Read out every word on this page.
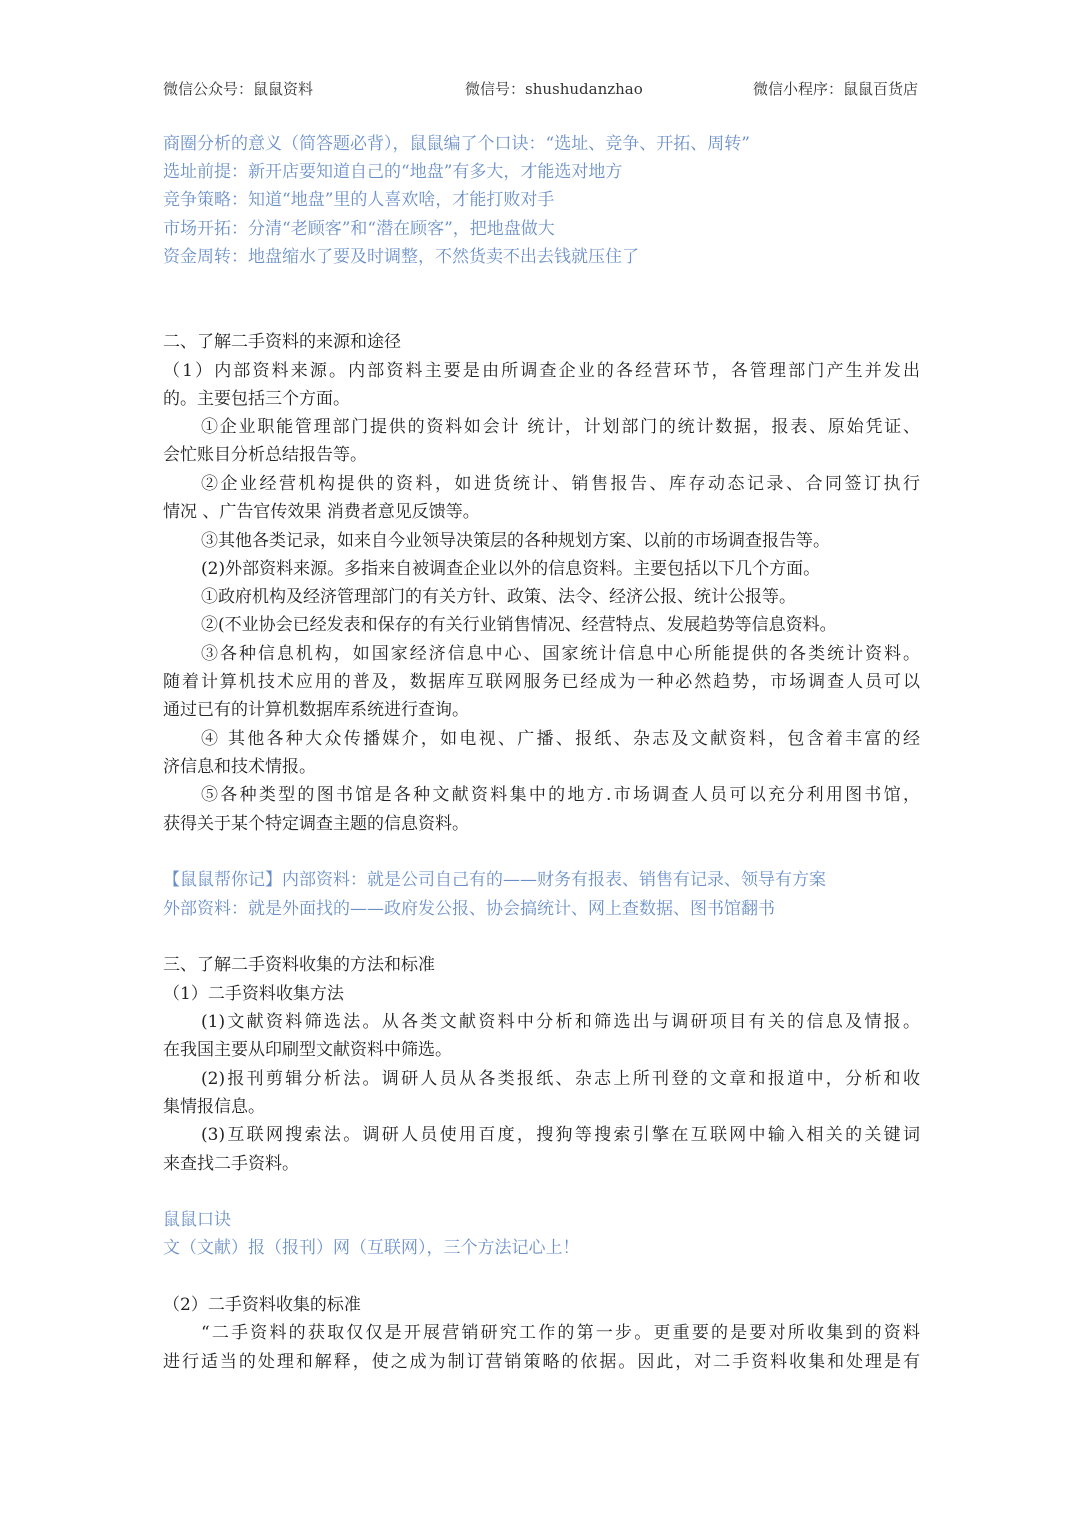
微信公众号：鼠鼠资料	微信号：shushudanzhao	微信小程序：鼠鼠百货店
商圈分析的意义（简答题必背），鼠鼠编了个口诀：“选址、竞争、开拓、周转”
选址前提：新开店要知道自己的“地盘”有多大，才能选对地方
竞争策略：知道“地盘”里的人喜欢啥，才能打败对手
市场开拓：分清“老顾客”和“潜在顾客”，把地盘做大
资金周转：地盘缩水了要及时调整，不然货卖不出去钱就压住了
二、了解二手资料的来源和途径
（1）内部资料来源。内部资料主要是由所调查企业的各经营环节，各管理部门产生并发出
的。主要包括三个方面。
①企业职能管理部门提供的资料如会计 统计，计划部门的统计数据，报表、原始凭证、
会忙账目分析总结报告等。
②企业经营机构提供的资料，如进货统计、销售报告、库存动态记录、合同签订执行
情况 、广告官传效果 消费者意见反馈等。
③其他各类记录，如来自今业领导决策层的各种规划方案、以前的市场调查报告等。
(2)外部资料来源。多指来自被调查企业以外的信息资料。主要包括以下几个方面。
①政府机构及经济管理部门的有关方针、政策、法令、经济公报、统计公报等。
②(不业协会已经发表和保存的有关行业销售情况、经营特点、发展趋势等信息资料。
③各种信息机构，如国家经济信息中心、国家统计信息中心所能提供的各类统计资料。
随着计算机技术应用的普及，数据库互联网服务已经成为一种必然趋势，市场调查人员可以
通过已有的计算机数据库系统进行查询。
④ 其他各种大众传播媒介，如电视、广播、报纸、杂志及文献资料，包含着丰富的经
济信息和技术情报。
⑤各种类型的图书馆是各种文献资料集中的地方.市场调查人员可以充分利用图书馆，
获得关于某个特定调查主题的信息资料。
【鼠鼠帮你记】内部资料：就是公司自己有的——财务有报表、销售有记录、领导有方案
外部资料：就是外面找的——政府发公报、协会搞统计、网上查数据、图书馆翻书
三、了解二手资料收集的方法和标准
（1）二手资料收集方法
(1)文献资料筛选法。从各类文献资料中分析和筛选出与调研项目有关的信息及情报。
在我国主要从印刷型文献资料中筛选。
(2)报刊剪辑分析法。调研人员从各类报纸、杂志上所刊登的文章和报道中，分析和收
集情报信息。
(3)互联网搜索法。调研人员使用百度，搜狗等搜索引擎在互联网中输入相关的关键词
来查找二手资料。
鼠鼠口诀
文（文献）报（报刊）网（互联网），三个方法记心上！
（2）二手资料收集的标准
“二手资料的获取仅仅是开展营销研究工作的第一步。更重要的是要对所收集到的资料
进行适当的处理和解释，使之成为制订营销策略的依据。因此，对二手资料收集和处理是有
